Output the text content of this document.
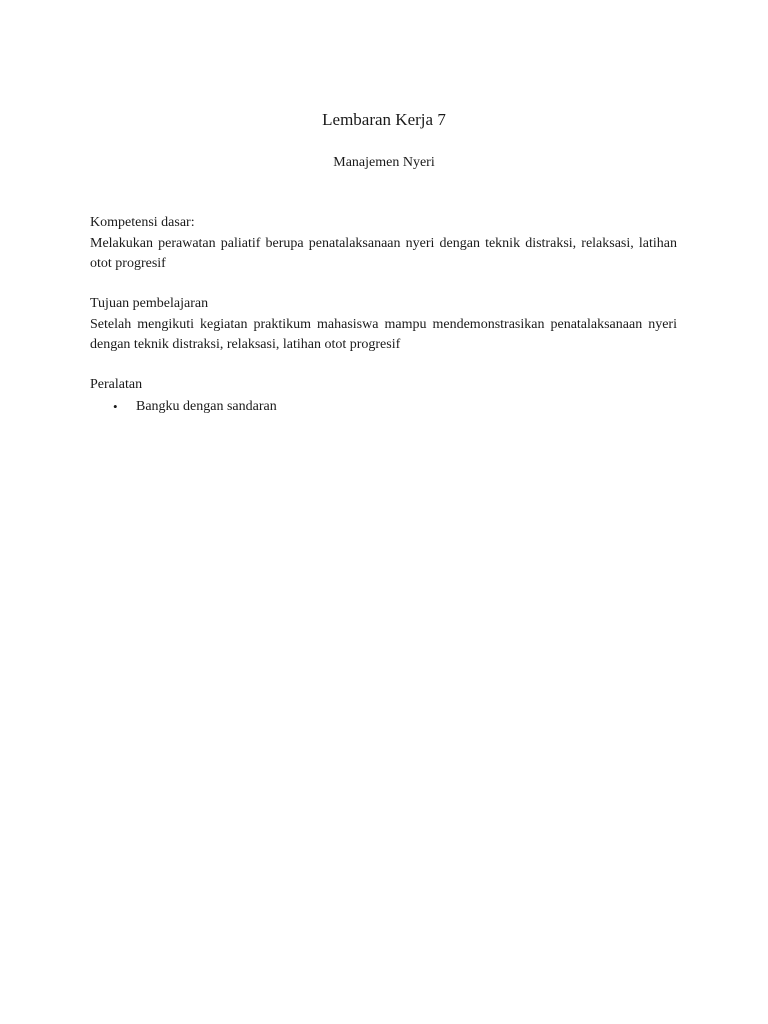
Lembaran Kerja 7

Manajemen Nyeri

Kompetensi dasar:

Melakukan perawatan paliatif berupa penatalaksanaan nyeri dengan teknik distraksi, relaksasi, latihan otot progresif

Tujuan pembelajaran

Setelah mengikuti kegiatan praktikum mahasiswa mampu mendemonstrasikan penatalaksanaan nyeri dengan teknik distraksi, relaksasi, latihan otot progresif

Peralatan

• Bangku dengan sandaran
